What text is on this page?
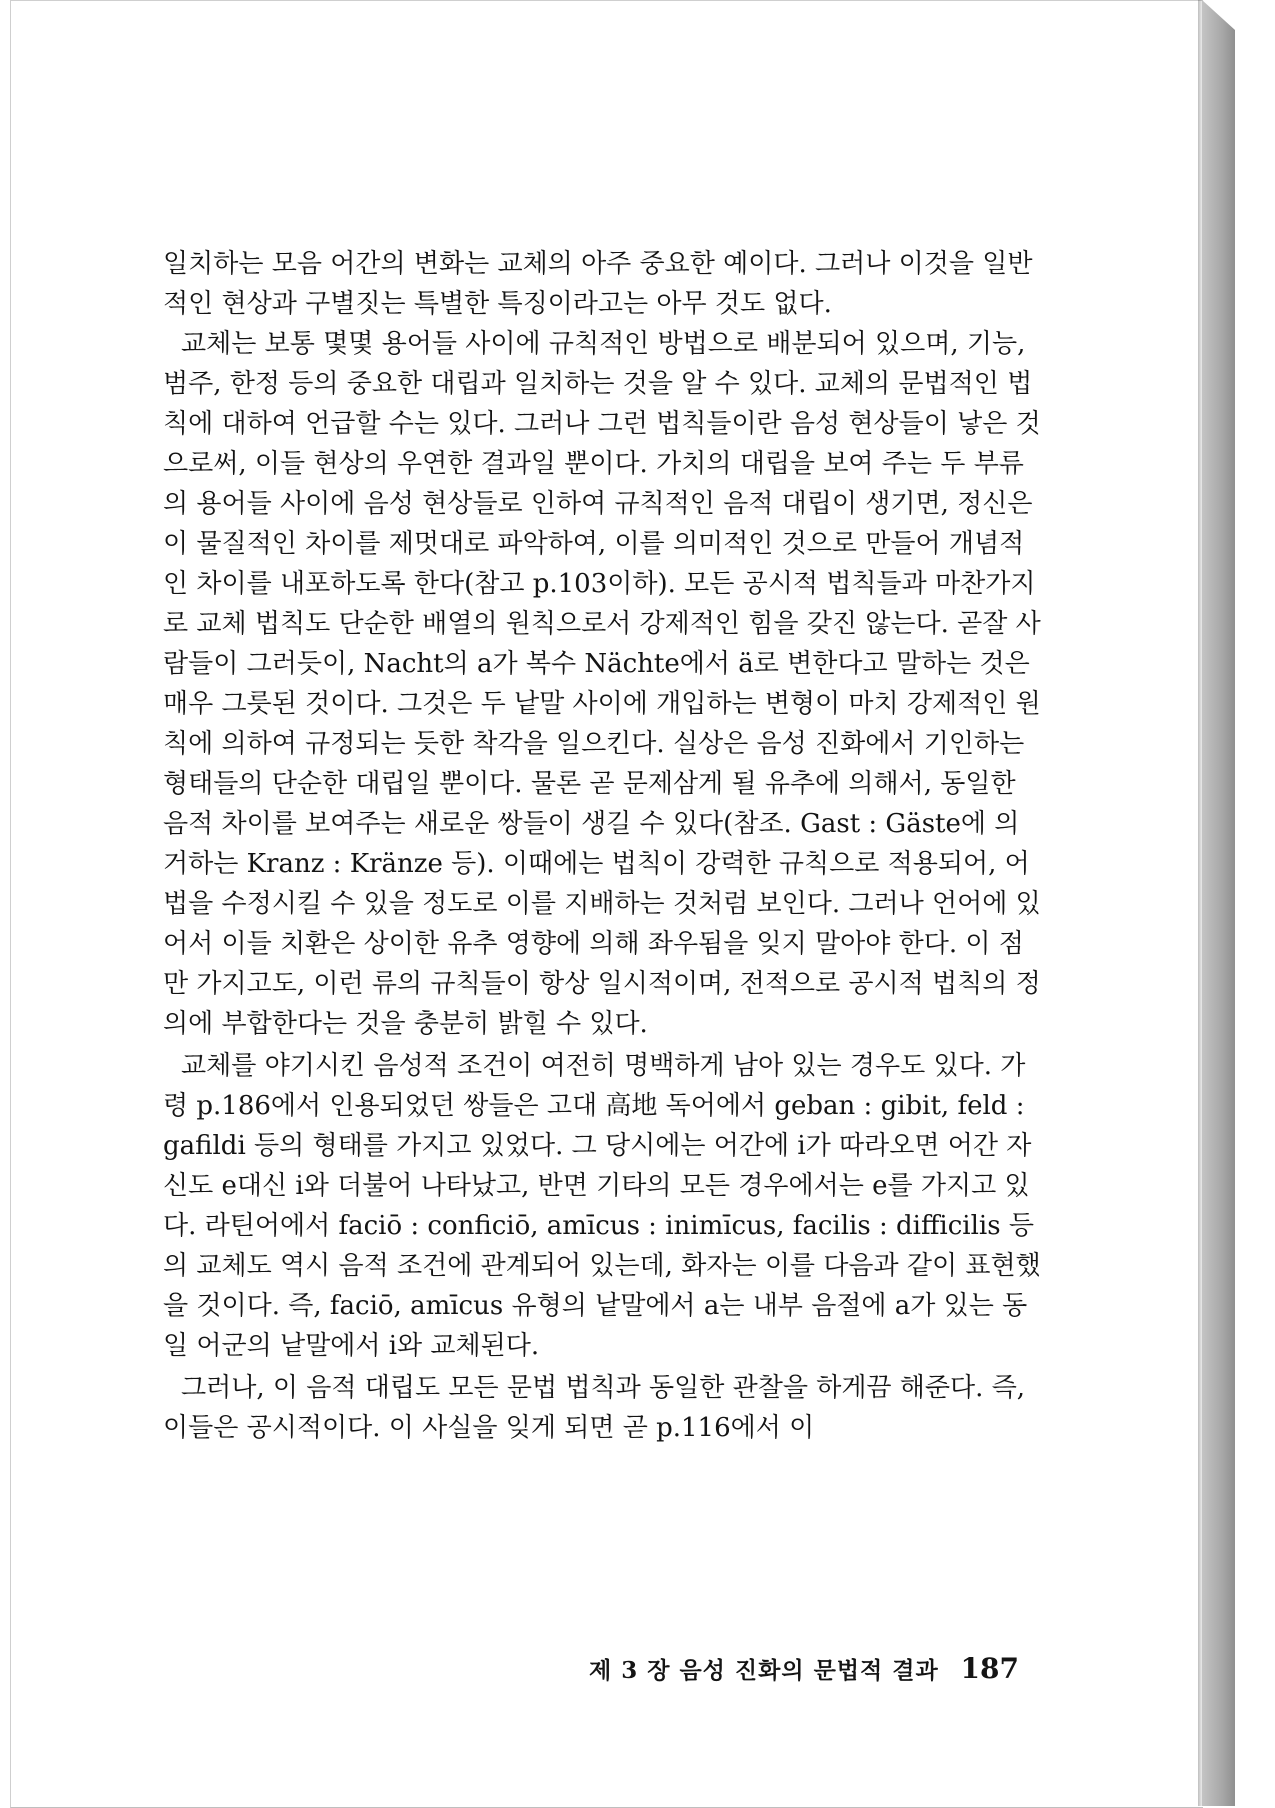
일치하는 모음 어간의 변화는 교체의 아주 중요한 예이다. 그러나 이것을 일반적인 현상과 구별짓는 특별한 특징이라고는 아무 것도 없다.

교체는 보통 몇몇 용어들 사이에 규칙적인 방법으로 배분되어 있으며, 기능, 범주, 한정 등의 중요한 대립과 일치하는 것을 알 수 있다. 교체의 문법적인 법칙에 대하여 언급할 수는 있다. 그러나 그런 법칙들이란 음성 현상들이 낳은 것으로써, 이들 현상의 우연한 결과일 뿐이다. 가치의 대립을 보여 주는 두 부류의 용어들 사이에 음성 현상들로 인하여 규칙적인 음적 대립이 생기면, 정신은 이 물질적인 차이를 제멋대로 파악하여, 이를 의미적인 것으로 만들어 개념적인 차이를 내포하도록 한다(참고 p.103이하). 모든 공시적 법칙들과 마찬가지로 교체 법칙도 단순한 배열의 원칙으로서 강제적인 힘을 갖진 않는다. 곧잘 사람들이 그러듯이, Nacht의 a가 복수 Nächte에서 ä로 변한다고 말하는 것은 매우 그릇된 것이다. 그것은 두 낱말 사이에 개입하는 변형이 마치 강제적인 원칙에 의하여 규정되는 듯한 착각을 일으킨다. 실상은 음성 진화에서 기인하는 형태들의 단순한 대립일 뿐이다. 물론 곧 문제삼게 될 유추에 의해서, 동일한 음적 차이를 보여주는 새로운 쌍들이 생길 수 있다(참조. Gast : Gäste에 의거하는 Kranz : Kränze 등). 이때에는 법칙이 강력한 규칙으로 적용되어, 어법을 수정시킬 수 있을 정도로 이를 지배하는 것처럼 보인다. 그러나 언어에 있어서 이들 치환은 상이한 유추 영향에 의해 좌우됨을 잊지 말아야 한다. 이 점만 가지고도, 이런 류의 규칙들이 항상 일시적이며, 전적으로 공시적 법칙의 정의에 부합한다는 것을 충분히 밝힐 수 있다.

교체를 야기시킨 음성적 조건이 여전히 명백하게 남아 있는 경우도 있다. 가령 p.186에서 인용되었던 쌍들은 고대 高地 독어에서 geban : gibit, feld : gafildi 등의 형태를 가지고 있었다. 그 당시에는 어간에 i가 따라오면 어간 자신도 e대신 i와 더불어 나타났고, 반면 기타의 모든 경우에서는 e를 가지고 있다. 라틴어에서 faciō : conficiō, amīcus : inimīcus, facilis : difficilis 등의 교체도 역시 음적 조건에 관계되어 있는데, 화자는 이를 다음과 같이 표현했을 것이다. 즉, faciō, amīcus 유형의 낱말에서 a는 내부 음절에 a가 있는 동일 어군의 낱말에서 i와 교체된다.

그러나, 이 음적 대립도 모든 문법 법칙과 동일한 관찰을 하게끔 해준다. 즉, 이들은 공시적이다. 이 사실을 잊게 되면 곧 p.116에서 이

제 3 장 음성 진화의 문법적 결과 187
